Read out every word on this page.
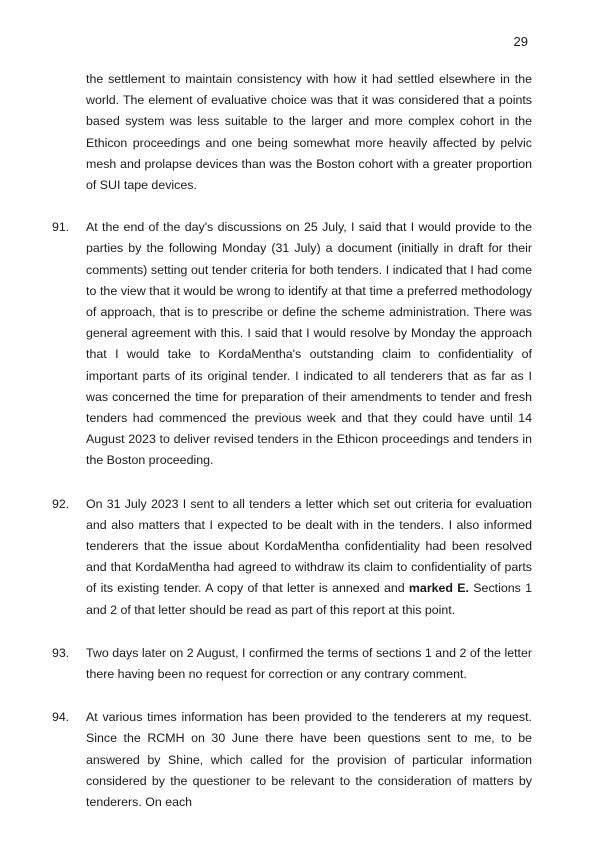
29

the settlement to maintain consistency with how it had settled elsewhere in the world. The element of evaluative choice was that it was considered that a points based system was less suitable to the larger and more complex cohort in the Ethicon proceedings and one being somewhat more heavily affected by pelvic mesh and prolapse devices than was the Boston cohort with a greater proportion of SUI tape devices.

91.	At the end of the day's discussions on 25 July, I said that I would provide to the parties by the following Monday (31 July) a document (initially in draft for their comments) setting out tender criteria for both tenders. I indicated that I had come to the view that it would be wrong to identify at that time a preferred methodology of approach, that is to prescribe or define the scheme administration. There was general agreement with this. I said that I would resolve by Monday the approach that I would take to KordaMentha's outstanding claim to confidentiality of important parts of its original tender. I indicated to all tenderers that as far as I was concerned the time for preparation of their amendments to tender and fresh tenders had commenced the previous week and that they could have until 14 August 2023 to deliver revised tenders in the Ethicon proceedings and tenders in the Boston proceeding.

92.	On 31 July 2023 I sent to all tenders a letter which set out criteria for evaluation and also matters that I expected to be dealt with in the tenders. I also informed tenderers that the issue about KordaMentha confidentiality had been resolved and that KordaMentha had agreed to withdraw its claim to confidentiality of parts of its existing tender. A copy of that letter is annexed and marked E. Sections 1 and 2 of that letter should be read as part of this report at this point.

93.	Two days later on 2 August, I confirmed the terms of sections 1 and 2 of the letter there having been no request for correction or any contrary comment.

94.	At various times information has been provided to the tenderers at my request. Since the RCMH on 30 June there have been questions sent to me, to be answered by Shine, which called for the provision of particular information considered by the questioner to be relevant to the consideration of matters by tenderers. On each
